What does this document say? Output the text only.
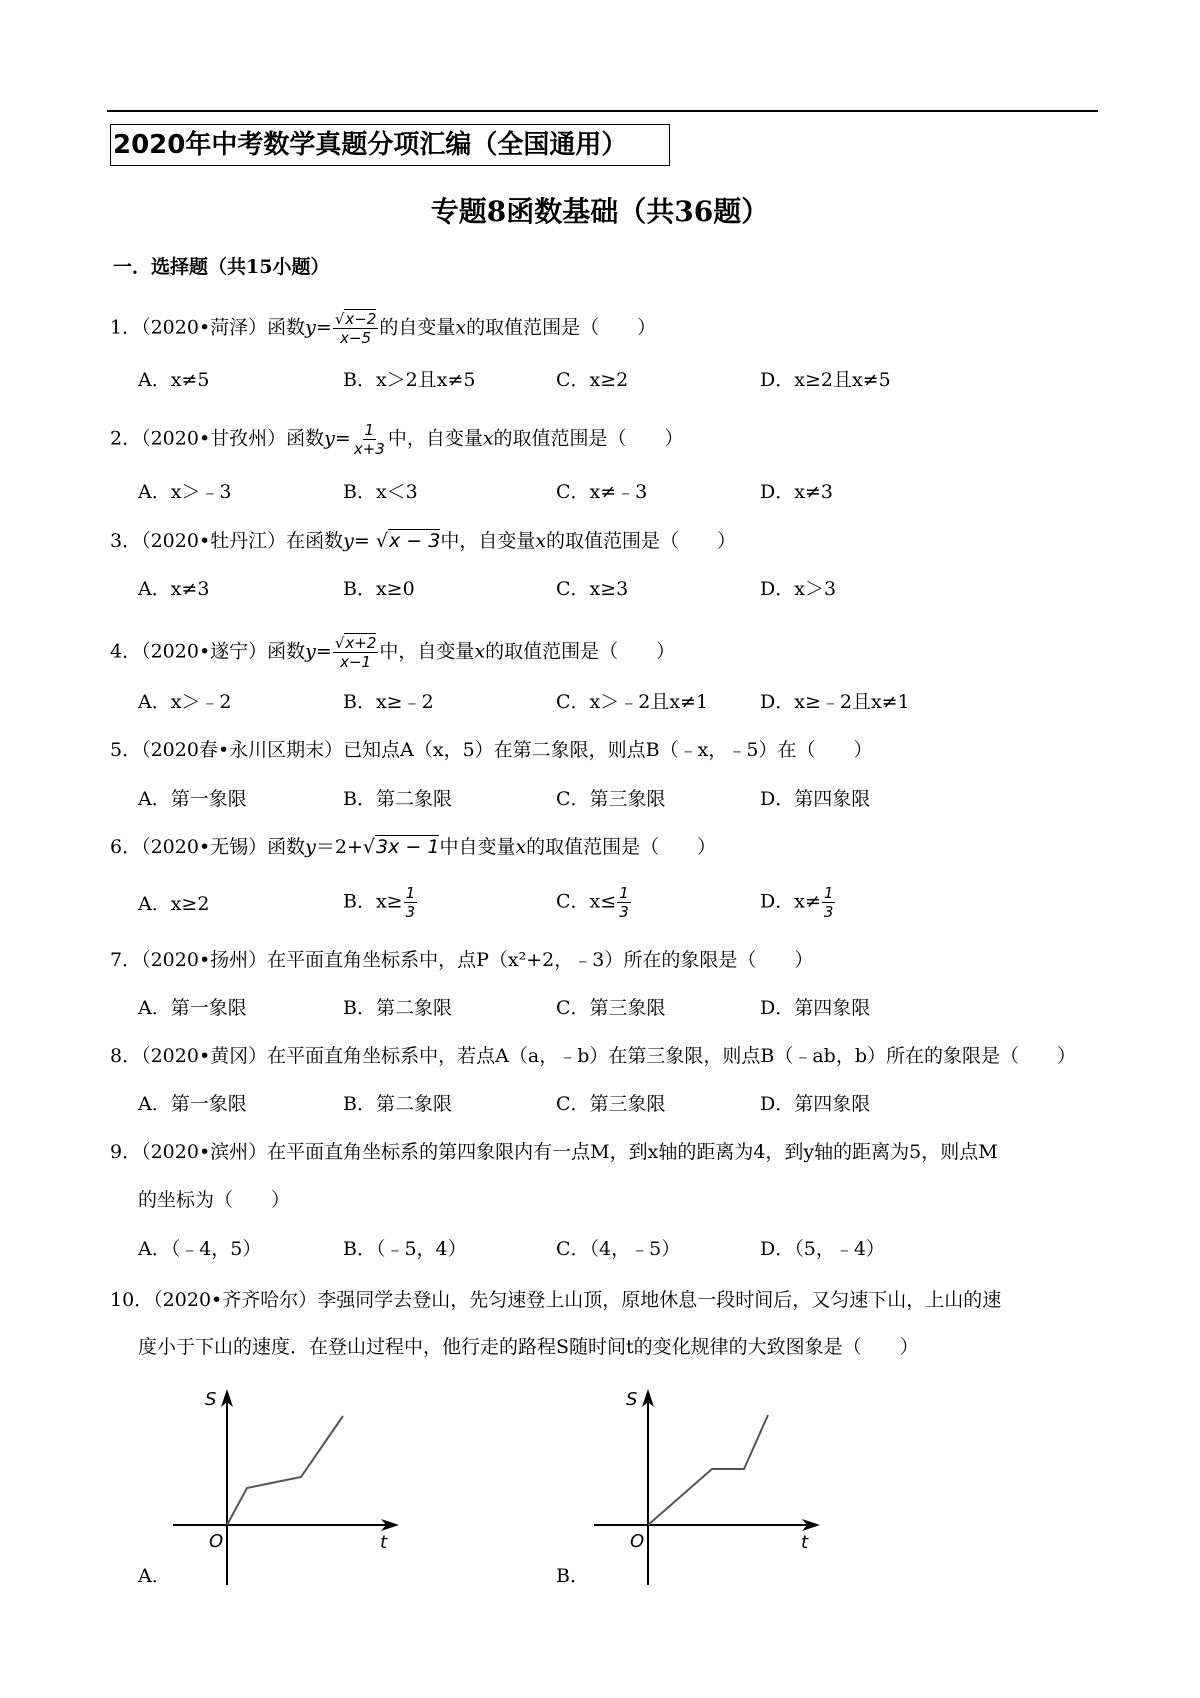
2020年中考数学真题分项汇编（全国通用）
专题8函数基础（共36题）
一．选择题（共15小题）
1．（2020•菏泽）函数$y= \frac{√x-2}{x-5}$ 的自变量x的取值范围是（　　）
A．x≠5	B．x＞2且x≠5	C．x≥2	D．x≥2且x≠5
2．（2020•甘孜州）函数$y= \frac{1}{x+3}$ 中，自变量x的取值范围是（　　）
A．x＞﹣3	B．x＜3	C．x≠﹣3	D．x≠3
3．（2020•牡丹江）在函数y= √x − 3中，自变量x的取值范围是（　　）
A．x≠3	B．x≥0	C．x≥3	D．x＞3
4．（2020•遂宁）函数$y= \frac{√x+2}{x-1}$ 中，自变量x的取值范围是（　　）
A．x＞﹣2	B．x≥﹣2	C．x＞﹣2且x≠1	D．x≥﹣2且x≠1
5．（2020春•永川区期末）已知点A（x，5）在第二象限，则点B（﹣x，﹣5）在（　　）
A．第一象限	B．第二象限	C．第三象限	D．第四象限
6．（2020•无锡）函数y＝2+√3x − 1中自变量x的取值范围是（　　）
A．x≥2	B．$x\ge \frac{1}{3}$	C．$x\le \frac{1}{3}$	D．$x\ne \frac{1}{3}$
7．（2020•扬州）在平面直角坐标系中，点P（x²+2，﹣3）所在的象限是（　　）
A．第一象限	B．第二象限	C．第三象限	D．第四象限
8．（2020•黄冈）在平面直角坐标系中，若点A（a，﹣b）在第三象限，则点B（﹣ab，b）所在的象限是（　　）
A．第一象限	B．第二象限	C．第三象限	D．第四象限
9．（2020•滨州）在平面直角坐标系的第四象限内有一点M，到x轴的距离为4，到y轴的距离为5，则点M
的坐标为（　　）
A．（﹣4，5）	B．（﹣5，4）	C．（4，﹣5）	D．（5，﹣4）
10．（2020•齐齐哈尔）李强同学去登山，先匀速登上山顶，原地休息一段时间后，又匀速下山，上山的速
度小于下山的速度．在登山过程中，他行走的路程S随时间t的变化规律的大致图象是（　　）
S
O	t
A．
S
O	t
B．
